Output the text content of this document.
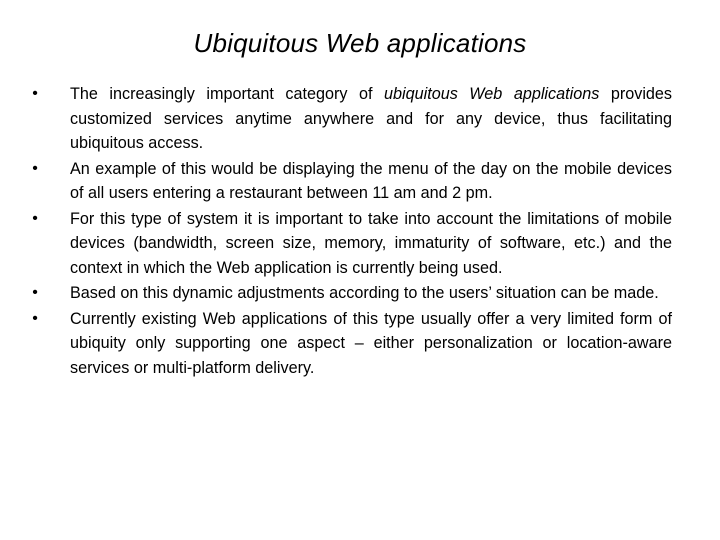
Ubiquitous Web applications
• The increasingly important category of ubiquitous Web applications provides customized services anytime anywhere and for any device, thus facilitating ubiquitous access.
• An example of this would be displaying the menu of the day on the mobile devices of all users entering a restaurant between 11 am and 2 pm.
• For this type of system it is important to take into account the limitations of mobile devices (bandwidth, screen size, memory, immaturity of software, etc.) and the context in which the Web application is currently being used.
• Based on this dynamic adjustments according to the users’ situation can be made.
• Currently existing Web applications of this type usually offer a very limited form of ubiquity only supporting one aspect – either personalization or location-aware services or multi-platform delivery.
